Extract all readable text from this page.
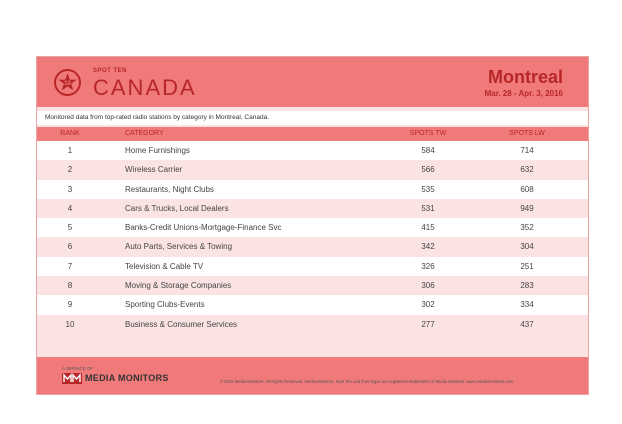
10
SPOT TEN
CANADA	Montreal
Mar. 28 - Apr. 3, 2016
Monitored data from top-rated radio stations by category in Montreal, Canada.
RANK	CATEGORY	SPOTS TW	SPOTS LW
1	Home Furnishings	584	714
2	Wireless Carrier	566	632
3	Restaurants, Night Clubs	535	608
4	Cars & Trucks, Local Dealers	531	949
5	Banks-Credit Unions-Mortgage-Finance Svc	415	352
6	Auto Parts, Services & Towing	342	304
7	Television & Cable TV	326	251
8	Moving & Storage Companies	306	283
9	Sporting Clubs-Events	302	334
10	Business & Consumer Services	277	437
A SERVICE OF
MEDIA MONITORS	© 2016 Media Monitors. All Rights Reserved. Media Monitors, Spot Ten and their logos are registered trademarks of Media Monitors. www.mediamonitors.com
